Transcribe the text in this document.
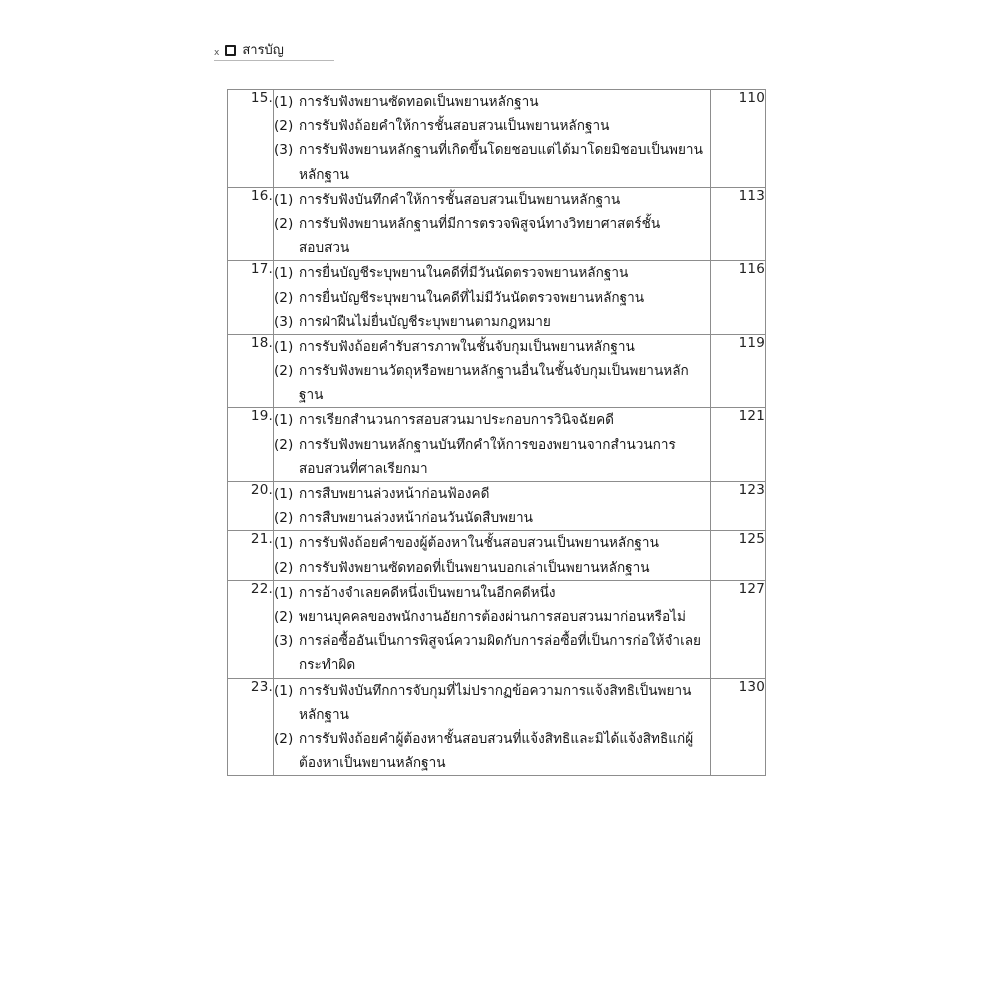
x สารบัญ
15.	(1) การรับฟังพยานซัดทอดเป็นพยานหลักฐาน
(2) การรับฟังถ้อยคำให้การชั้นสอบสวนเป็นพยานหลักฐาน
(3) การรับฟังพยานหลักฐานที่เกิดขึ้นโดยชอบแต่ได้มาโดยมิชอบเป็นพยานหลักฐาน
	110
16.	(1) การรับฟังบันทึกคำให้การชั้นสอบสวนเป็นพยานหลักฐาน
(2) การรับฟังพยานหลักฐานที่มีการตรวจพิสูจน์ทางวิทยาศาสตร์ชั้นสอบสวน	113
17.	(1) การยื่นบัญชีระบุพยานในคดีที่มีวันนัดตรวจพยานหลักฐาน
(2) การยื่นบัญชีระบุพยานในคดีที่ไม่มีวันนัดตรวจพยานหลักฐาน
(3) การฝ่าฝืนไม่ยื่นบัญชีระบุพยานตามกฎหมาย
	116
18.	(1) การรับฟังถ้อยคำรับสารภาพในชั้นจับกุมเป็นพยานหลักฐาน
(2) การรับฟังพยานวัตถุหรือพยานหลักฐานอื่นในชั้นจับกุมเป็นพยานหลักฐาน	119
19.	(1) การเรียกสำนวนการสอบสวนมาประกอบการวินิจฉัยคดี
(2) การรับฟังพยานหลักฐานบันทึกคำให้การของพยานจากสำนวนการสอบสวนที่ศาลเรียกมา	121
20.	(1) การสืบพยานล่วงหน้าก่อนฟ้องคดี
(2) การสืบพยานล่วงหน้าก่อนวันนัดสืบพยาน	123
21.	(1) การรับฟังถ้อยคำของผู้ต้องหาในชั้นสอบสวนเป็นพยานหลักฐาน
(2) การรับฟังพยานซัดทอดที่เป็นพยานบอกเล่าเป็นพยานหลักฐาน	125
22.	(1) การอ้างจำเลยคดีหนึ่งเป็นพยานในอีกคดีหนึ่ง
(2) พยานบุคคลของพนักงานอัยการต้องผ่านการสอบสวนมาก่อนหรือไม่
(3) การล่อซื้ออันเป็นการพิสูจน์ความผิดกับการล่อซื้อที่เป็นการก่อให้จำเลยกระทำผิด
	127
23.	(1) การรับฟังบันทึกการจับกุมที่ไม่ปรากฏข้อความการแจ้งสิทธิเป็นพยานหลักฐาน
(2) การรับฟังถ้อยคำผู้ต้องหาชั้นสอบสวนที่แจ้งสิทธิและมิได้แจ้งสิทธิแก่ผู้ต้องหาเป็นพยานหลักฐาน	130
